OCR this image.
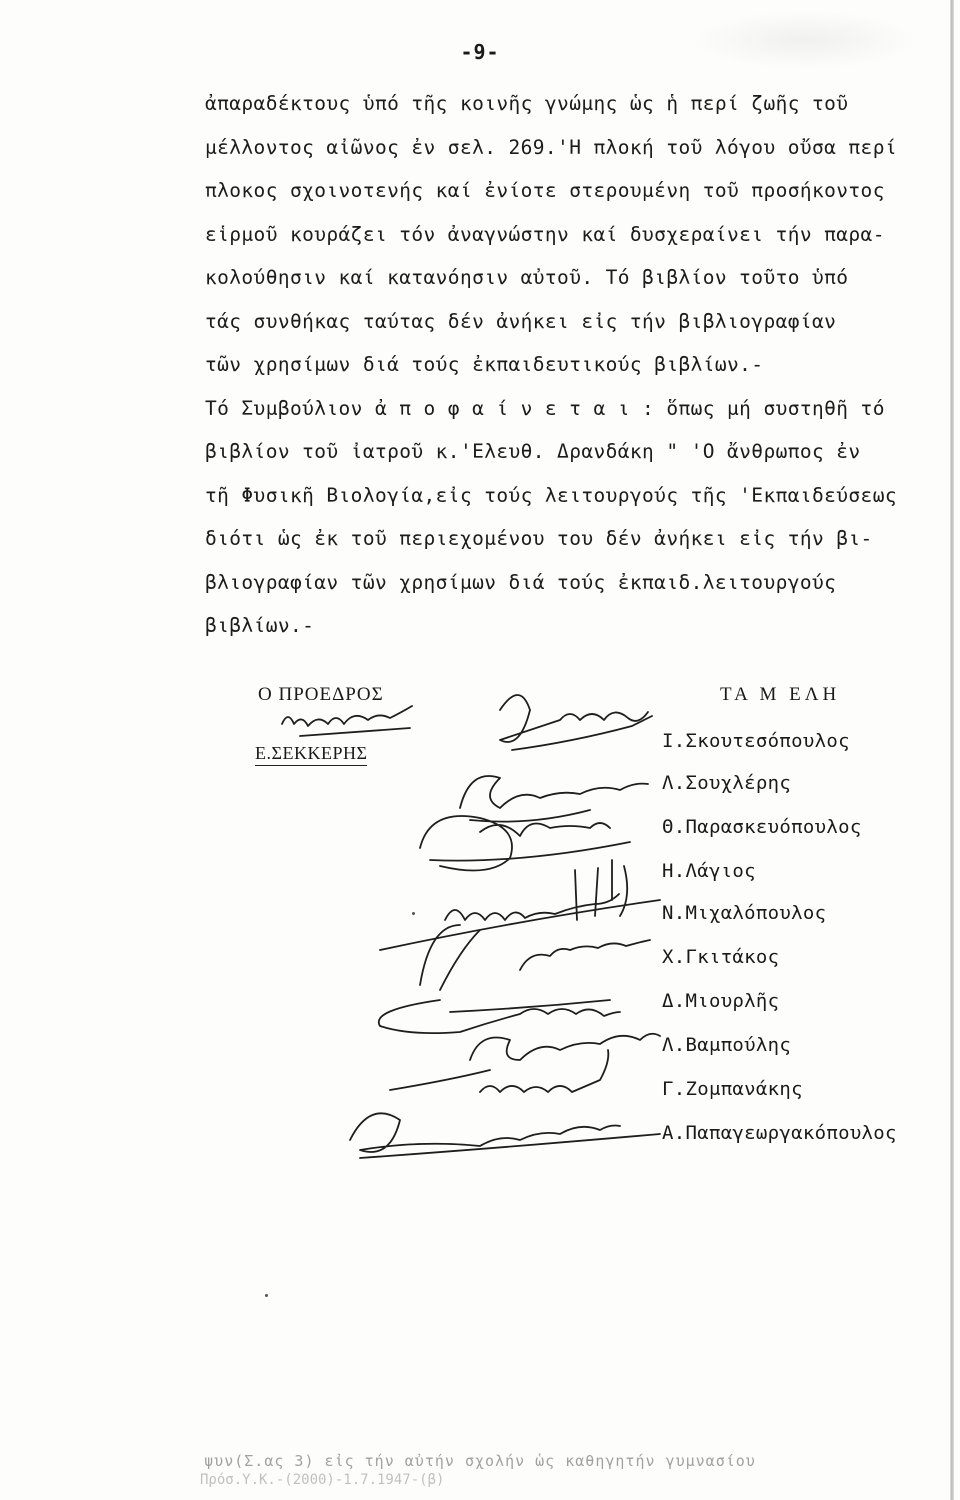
-9-
ἀπαραδέκτους ὑπό τῆς κοινῆς γνώμης ὡς ἡ περί ζωῆς τοῦ
μέλλοντος αἰῶνος ἐν σελ. 269.'Η πλοκή τοῦ λόγου οὔσα περί
πλοκος σχοινοτενής καί ἐνίοτε στερουμένη τοῦ προσήκοντος
εἱρμοῦ κουράζει τόν ἀναγνώστην καί δυσχεραίνει τήν παρα-
κολούθησιν καί κατανόησιν αὐτοῦ. Τό βιβλίον τοῦτο ὑπό
τάς συνθήκας ταύτας δέν ἀνήκει εἰς τήν βιβλιογραφίαν
τῶν χρησίμων διά τούς ἐκπαιδευτικούς βιβλίων.-
Τό Συμβούλιον ἀ π ο φ α ί ν ε τ α ι : ὅπως μή συστηθῆ τό
βιβλίον τοῦ ἰατροῦ κ.'Ελευθ. Δρανδάκη " 'Ο ἄνθρωπος ἐν
τῆ Φυσικῆ Βιολογία,εἰς τούς λειτουργούς τῆς 'Εκπαιδεύσεως
διότι ὡς ἐκ τοῦ περιεχομένου του δέν ἀνήκει εἰς τήν βι-
βλιογραφίαν τῶν χρησίμων διά τούς ἐκπαιδ.λειτουργούς
βιβλίων.-
Ο ΠΡΟΕΔΡΟΣ
Ε.ΣΕΚΚΕΡΗΣ
ΤΑ Μ ΕΛΗ
Ι.Σκουτεσόπουλος
Λ.Σουχλέρης
Θ.Παρασκευόπουλος
Η.Λάγιος
Ν.Μιχαλόπουλος
Χ.Γκιτάκος
Δ.Μιουρλῆς
Λ.Βαμπούλης
Γ.Ζομπανάκης
Α.Παπαγεωργακόπουλος
ψυν(Σ.ας 3) εἰς τήν αὐτήν σχολήν ὡς καθηγητήν γυμνασίου
Πρόσ.Υ.Κ.-(2000)-1.7.1947-(β)
